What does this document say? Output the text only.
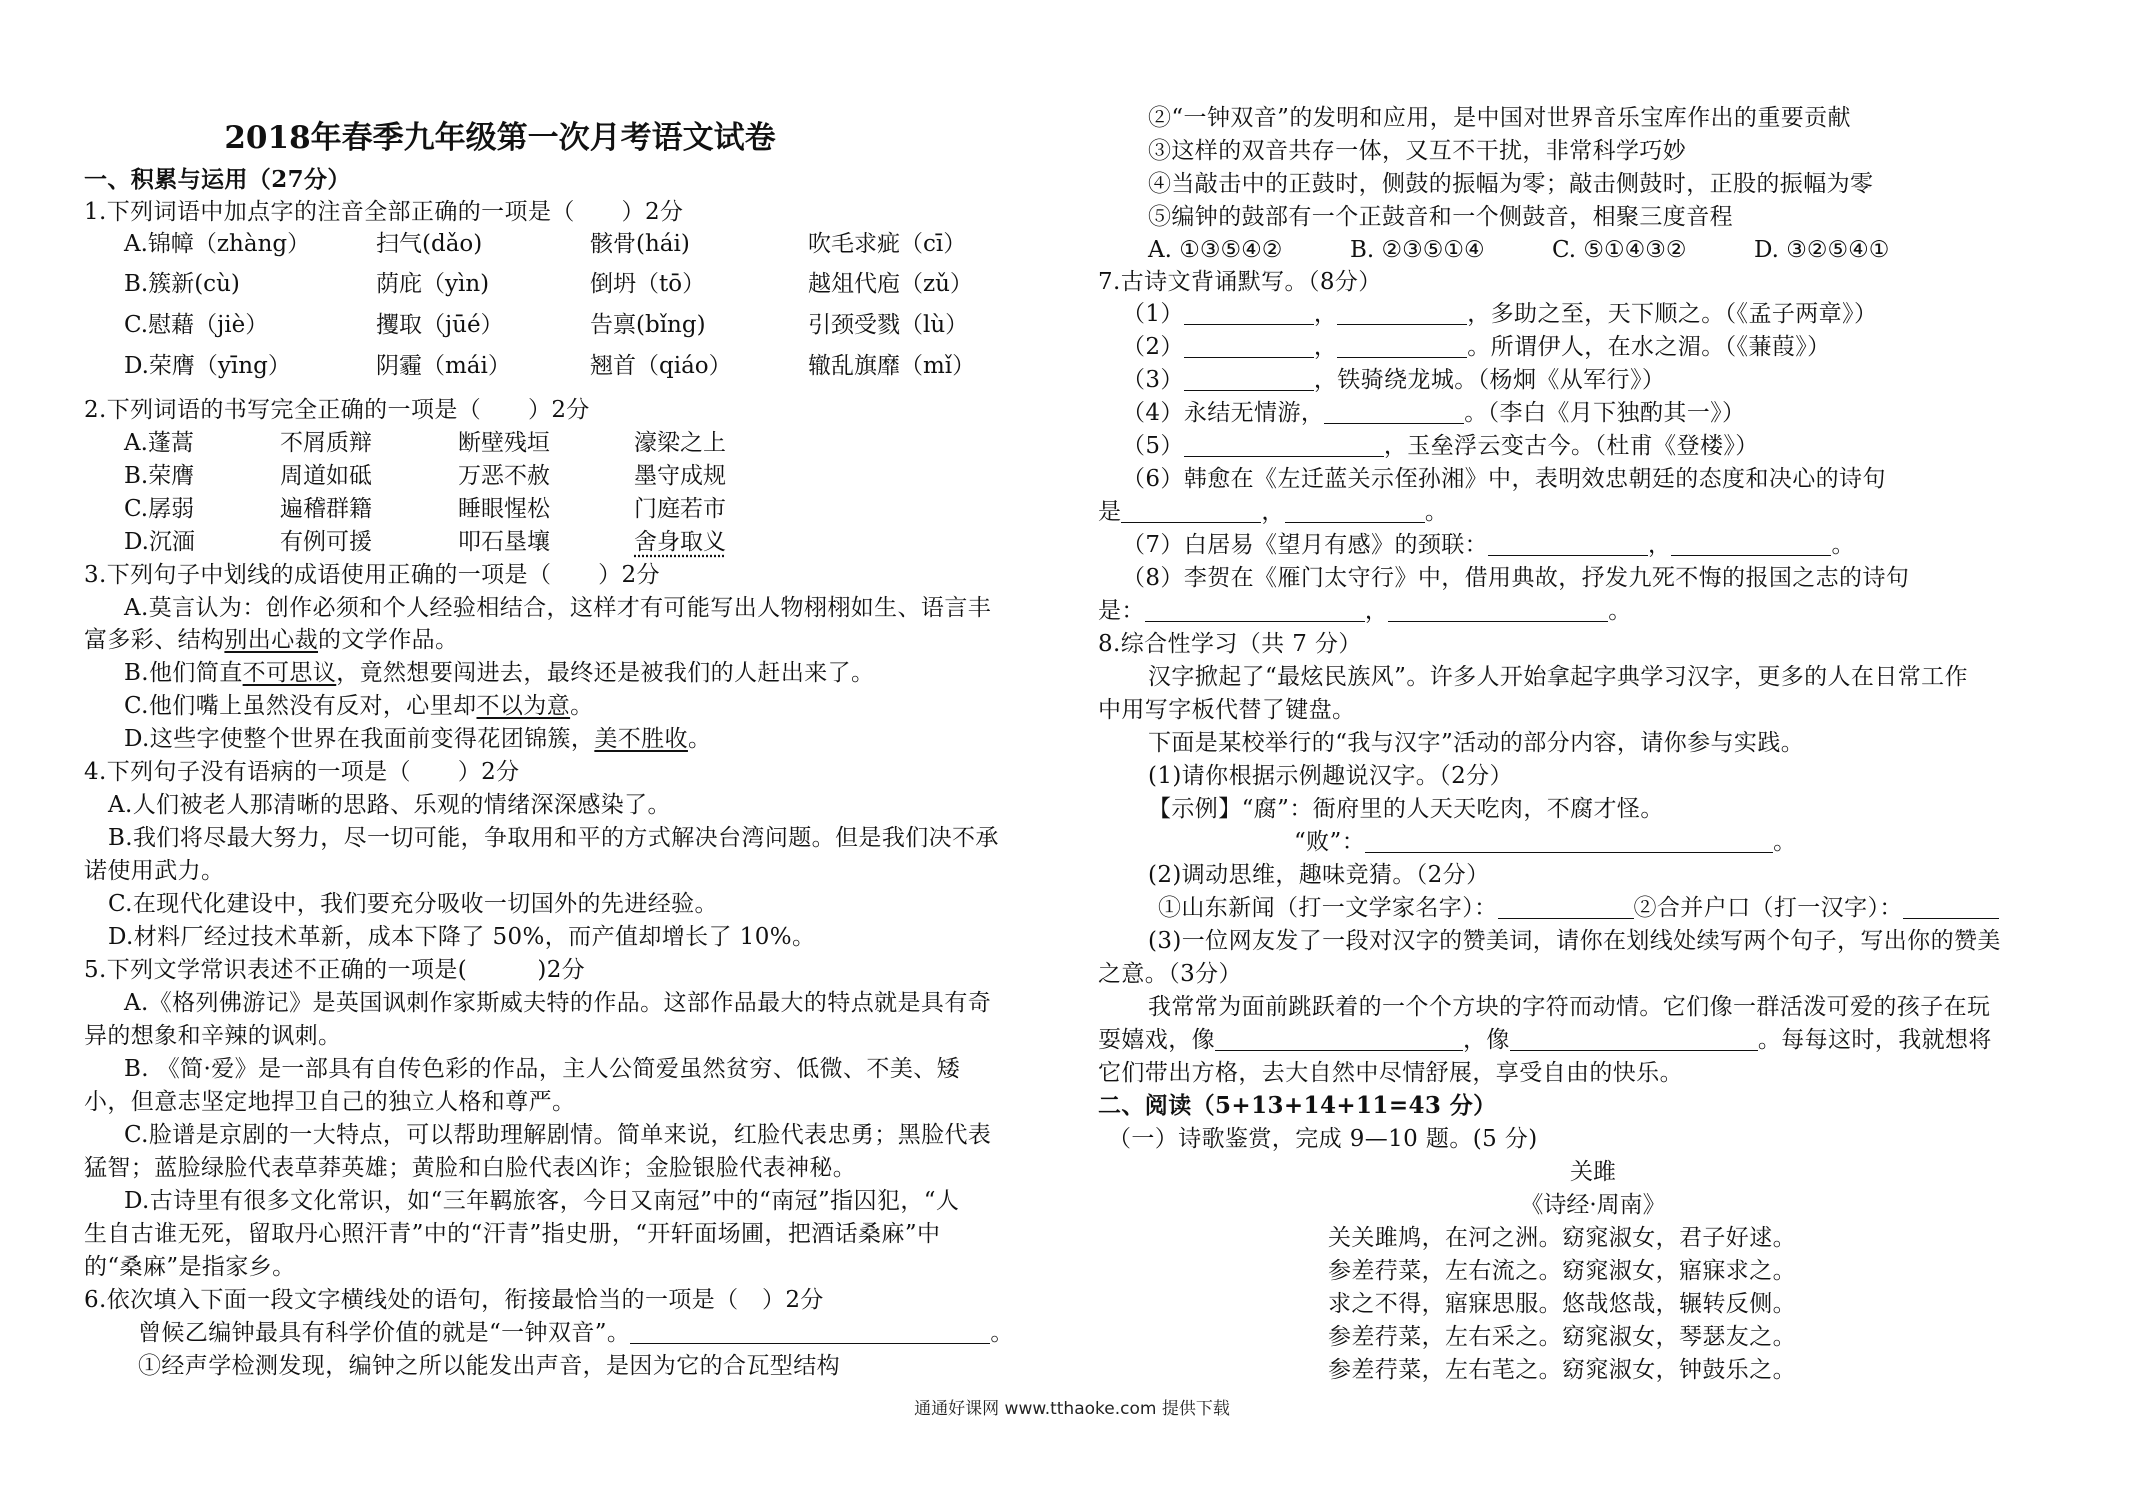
2018年春季九年级第一次月考语文试卷
一、积累与运用（27分）
1.下列词语中加点字的注音全部正确的一项是（　　）2分
A.锦幛（zhàng）	扫气(dǎo)	骸骨(hái)	吹毛求疵（cī）
B.簇新(cù)	荫庇（yìn)	倒坍（tō）	越俎代庖（zǔ）
C.慰藉（jiè）	攫取（jūé）	告禀(bǐng)	引颈受戮（lù）
D.荣膺（yīng）	阴霾（mái）	翘首（qiáo）	辙乱旗靡（mǐ）
2.下列词语的书写完全正确的一项是（　　）2分
A.蓬蒿	不屑质辩	断壁残垣	濠梁之上
B.荣膺	周道如砥	万恶不赦	墨守成规
C.孱弱	遍稽群籍	睡眼惺松	门庭若市
D.沉湎	有例可援	叩石垦壤	舍身取义
3.下列句子中划线的成语使用正确的一项是（　　）2分
A.莫言认为：创作必须和个人经验相结合，这样才有可能写出人物栩栩如生、语言丰
富多彩、结构别出心裁的文学作品。
B.他们简直不可思议，竟然想要闯进去，最终还是被我们的人赶出来了。
C.他们嘴上虽然没有反对，心里却不以为意。
D.这些字使整个世界在我面前变得花团锦簇，美不胜收。
4.下列句子没有语病的一项是（　　）2分
A.人们被老人那清晰的思路、乐观的情绪深深感染了。
B.我们将尽最大努力，尽一切可能，争取用和平的方式解决台湾问题。但是我们决不承
诺使用武力。
C.在现代化建设中，我们要充分吸收一切国外的先进经验。
D.材料厂经过技术革新，成本下降了 50%，而产值却增长了 10%。
5.下列文学常识表述不正确的一项是(　　　)2分
A.《格列佛游记》是英国讽刺作家斯威夫特的作品。这部作品最大的特点就是具有奇
异的想象和辛辣的讽刺。
B. 《简·爱》是一部具有自传色彩的作品，主人公简爱虽然贫穷、低微、不美、矮
小，但意志坚定地捍卫自己的独立人格和尊严。
C.脸谱是京剧的一大特点，可以帮助理解剧情。简单来说，红脸代表忠勇；黑脸代表
猛智；蓝脸绿脸代表草莽英雄；黄脸和白脸代表凶诈；金脸银脸代表神秘。
D.古诗里有很多文化常识，如“三年羁旅客，今日又南冠”中的“南冠”指囚犯，“人
生自古谁无死，留取丹心照汗青”中的“汗青”指史册，“开轩面场圃，把酒话桑麻”中
的“桑麻”是指家乡。
6.依次填入下面一段文字横线处的语句，衔接最恰当的一项是（　）2分
曾候乙编钟最具有科学价值的就是“一钟双音”。	。
①经声学检测发现，编钟之所以能发出声音，是因为它的合瓦型结构
②“一钟双音”的发明和应用，是中国对世界音乐宝库作出的重要贡献
③这样的双音共存一体，又互不干扰，非常科学巧妙
④当敲击中的正鼓时，侧鼓的振幅为零；敲击侧鼓时，正股的振幅为零
⑤编钟的鼓部有一个正鼓音和一个侧鼓音，相聚三度音程
A. ①③⑤④②	B. ②③⑤①④	C. ⑤①④③②	D. ③②⑤④①
7.古诗文背诵默写。（8分）
（1）	，	，多助之至，天下顺之。（《孟子两章》）
（2）	，	。所谓伊人，在水之湄。（《蒹葭》）
（3）	，铁骑绕龙城。（杨炯《从军行》）
（4）永结无情游，	。（李白《月下独酌其一》）
（5）	，玉垒浮云变古今。（杜甫《登楼》）
（6）韩愈在《左迁蓝关示侄孙湘》中，表明效忠朝廷的态度和决心的诗句
是	，	。
（7）白居易《望月有感》的颈联：	，	。
（8）李贺在《雁门太守行》中，借用典故，抒发九死不悔的报国之志的诗句
是：	，	。
8.综合性学习（共 7 分）
汉字掀起了“最炫民族风”。许多人开始拿起字典学习汉字，更多的人在日常工作
中用写字板代替了键盘。
下面是某校举行的“我与汉字”活动的部分内容，请你参与实践。
(1)请你根据示例趣说汉字。（2分）
【示例】“腐”：衙府里的人天天吃肉，不腐才怪。
“败”：	。
(2)调动思维，趣味竞猜。（2分）
①山东新闻（打一文学家名字）：	②合并户口（打一汉字）：
(3)一位网友发了一段对汉字的赞美词，请你在划线处续写两个句子，写出你的赞美
之意。（3分）
我常常为面前跳跃着的一个个方块的字符而动情。它们像一群活泼可爱的孩子在玩
耍嬉戏，像	，像	。每每这时，我就想将
它们带出方格，去大自然中尽情舒展，享受自由的快乐。
二、阅读（5+13+14+11=43 分）
（一）诗歌鉴赏，完成 9—10 题。(5 分)
关雎
《诗经·周南》
关关雎鸠，在河之洲。窈窕淑女，君子好逑。
参差荇菜，左右流之。窈窕淑女，寤寐求之。
求之不得，寤寐思服。悠哉悠哉，辗转反侧。
参差荇菜，左右采之。窈窕淑女，琴瑟友之。
参差荇菜，左右芼之。窈窕淑女，钟鼓乐之。
通通好课网 www.tthaoke.com 提供下载
